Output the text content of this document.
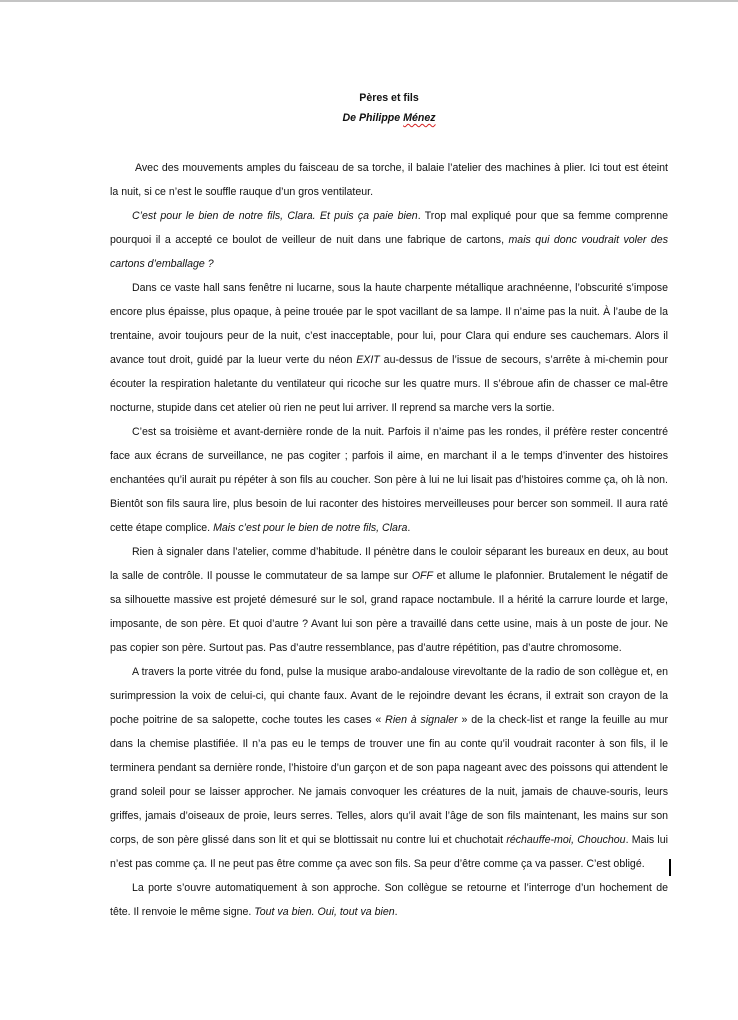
Pères et fils
De Philippe Ménez

Avec des mouvements amples du faisceau de sa torche, il balaie l’atelier des machines à plier. Ici tout est éteint la nuit, si ce n’est le souffle rauque d’un gros ventilateur.

C’est pour le bien de notre fils, Clara. Et puis ça paie bien. Trop mal expliqué pour que sa femme comprenne pourquoi il a accepté ce boulot de veilleur de nuit dans une fabrique de cartons, mais qui donc voudrait voler des cartons d’emballage ?

Dans ce vaste hall sans fenêtre ni lucarne, sous la haute charpente métallique arachnéenne, l’obscurité s’impose encore plus épaisse, plus opaque, à peine trouée par le spot vacillant de sa lampe. Il n’aime pas la nuit. À l’aube de la trentaine, avoir toujours peur de la nuit, c’est inacceptable, pour lui, pour Clara qui endure ses cauchemars. Alors il avance tout droit, guidé par la lueur verte du néon EXIT au-dessus de l’issue de secours, s’arrête à mi-chemin pour écouter la respiration haletante du ventilateur qui ricoche sur les quatre murs. Il s’ébroue afin de chasser ce mal-être nocturne, stupide dans cet atelier où rien ne peut lui arriver. Il reprend sa marche vers la sortie.

C’est sa troisième et avant-dernière ronde de la nuit. Parfois il n’aime pas les rondes, il préfère rester concentré face aux écrans de surveillance, ne pas cogiter ; parfois il aime, en marchant il a le temps d’inventer des histoires enchantées qu’il aurait pu répéter à son fils au coucher. Son père à lui ne lui lisait pas d’histoires comme ça, oh là non. Bientôt son fils saura lire, plus besoin de lui raconter des histoires merveilleuses pour bercer son sommeil. Il aura raté cette étape complice. Mais c’est pour le bien de notre fils, Clara.

Rien à signaler dans l’atelier, comme d’habitude. Il pénètre dans le couloir séparant les bureaux en deux, au bout la salle de contrôle. Il pousse le commutateur de sa lampe sur OFF et allume le plafonnier. Brutalement le négatif de sa silhouette massive est projeté démesuré sur le sol, grand rapace noctambule. Il a hérité la carrure lourde et large, imposante, de son père. Et quoi d’autre ? Avant lui son père a travaillé dans cette usine, mais à un poste de jour. Ne pas copier son père. Surtout pas. Pas d’autre ressemblance, pas d’autre répétition, pas d’autre chromosome.

A travers la porte vitrée du fond, pulse la musique arabo-andalouse virevoltante de la radio de son collègue et, en surimpression la voix de celui-ci, qui chante faux. Avant de le rejoindre devant les écrans, il extrait son crayon de la poche poitrine de sa salopette, coche toutes les cases « Rien à signaler » de la check-list et range la feuille au mur dans la chemise plastifiée. Il n’a pas eu le temps de trouver une fin au conte qu’il voudrait raconter à son fils, il le terminera pendant sa dernière ronde, l’histoire d’un garçon et de son papa nageant avec des poissons qui attendent le grand soleil pour se laisser approcher. Ne jamais convoquer les créatures de la nuit, jamais de chauve-souris, leurs griffes, jamais d’oiseaux de proie, leurs serres. Telles, alors qu’il avait l’âge de son fils maintenant, les mains sur son corps, de son père glissé dans son lit et qui se blottissait nu contre lui et chuchotait réchauffe-moi, Chouchou. Mais lui n’est pas comme ça. Il ne peut pas être comme ça avec son fils. Sa peur d’être comme ça va passer. C’est obligé.

La porte s’ouvre automatiquement à son approche. Son collègue se retourne et l’interroge d’un hochement de tête. Il renvoie le même signe. Tout va bien. Oui, tout va bien.
